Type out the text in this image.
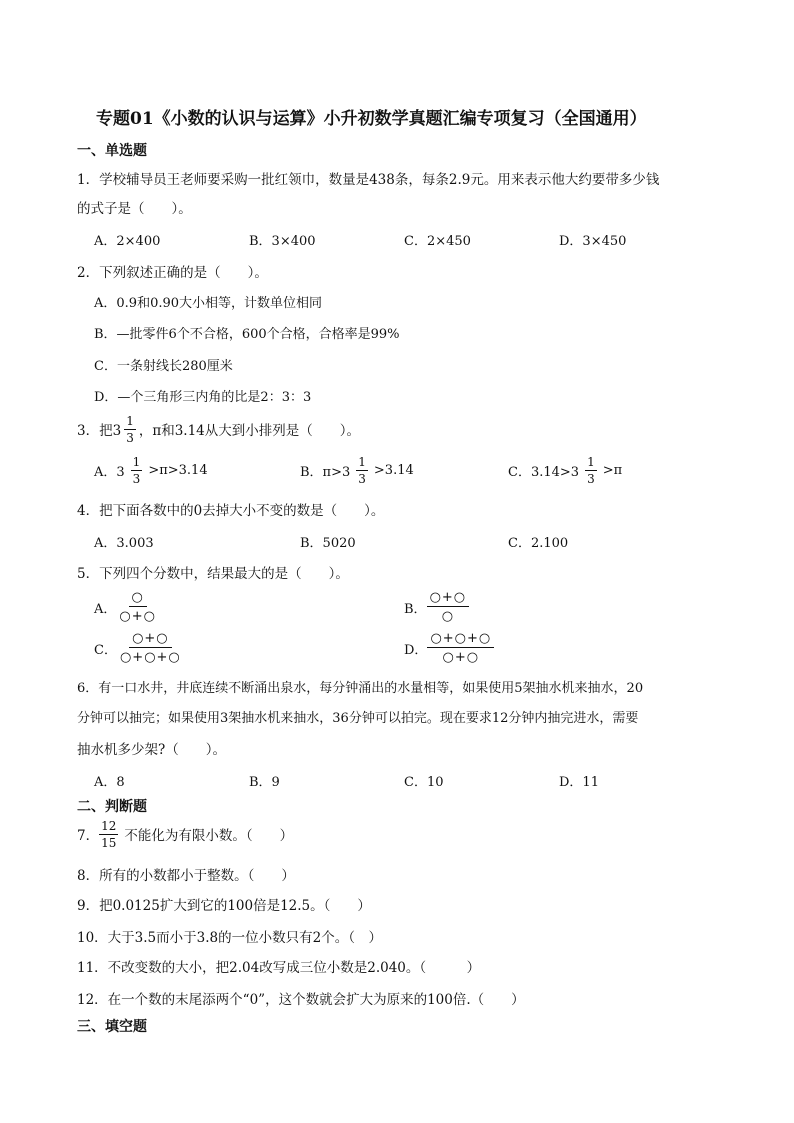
专题01《小数的认识与运算》小升初数学真题汇编专项复习（全国通用）
一、单选题
1．学校辅导员王老师要采购一批红领巾，数量是438条，每条2.9元。用来表示他大约要带多少钱
的式子是（　　）。
A．2×400	B．3×400	C．2×450	D．3×450
2．下列叙述正确的是（　　）。
A．0.9和0.90大小相等，计数单位相同
B．—批零件6个不合格，600个合格，合格率是99%
C．一条射线长280厘米
D．—个三角形三内角的比是2：3：3
3．把$3 \frac{1}{3}$ ，π和3.14从大到小排列是（　　）。
A．$3 \frac{1}{3} >\pi>3.14$	B．$\pi>3 \frac{1}{3} >3.14$	C．$3.14>3 \frac{1}{3} >\pi$
4．把下面各数中的0去掉大小不变的数是（　　）。
A．3.003	B．5020	C．2.100
5．下列四个分数中，结果最大的是（　　）。
A．
○
○+○	B．
○+○
○
C．
○+○
○+○+○	D．
○+○+○
○+○
6．有一口水井，井底连续不断涌出泉水，每分钟涌出的水量相等，如果使用5架抽水机来抽水，20
分钟可以抽完；如果使用3架抽水机来抽水，36分钟可以拍完。现在要求12分钟内抽完进水，需要
抽水机多少架?（　　）。
A．8	B．9	C．10	D．11
二、判断题
7． $\frac{12}{15}$ 不能化为有限小数。（　　）
8．所有的小数都小于整数。（　　）
9．把0.0125扩大到它的100倍是12.5。（　　）
10．大于3.5而小于3.8的一位小数只有2个。（　）
11．不改变数的大小，把2.04改写成三位小数是2.040。（　　　）
12．在一个数的末尾添两个“0”，这个数就会扩大为原来的100倍.（　　）
三、填空题
